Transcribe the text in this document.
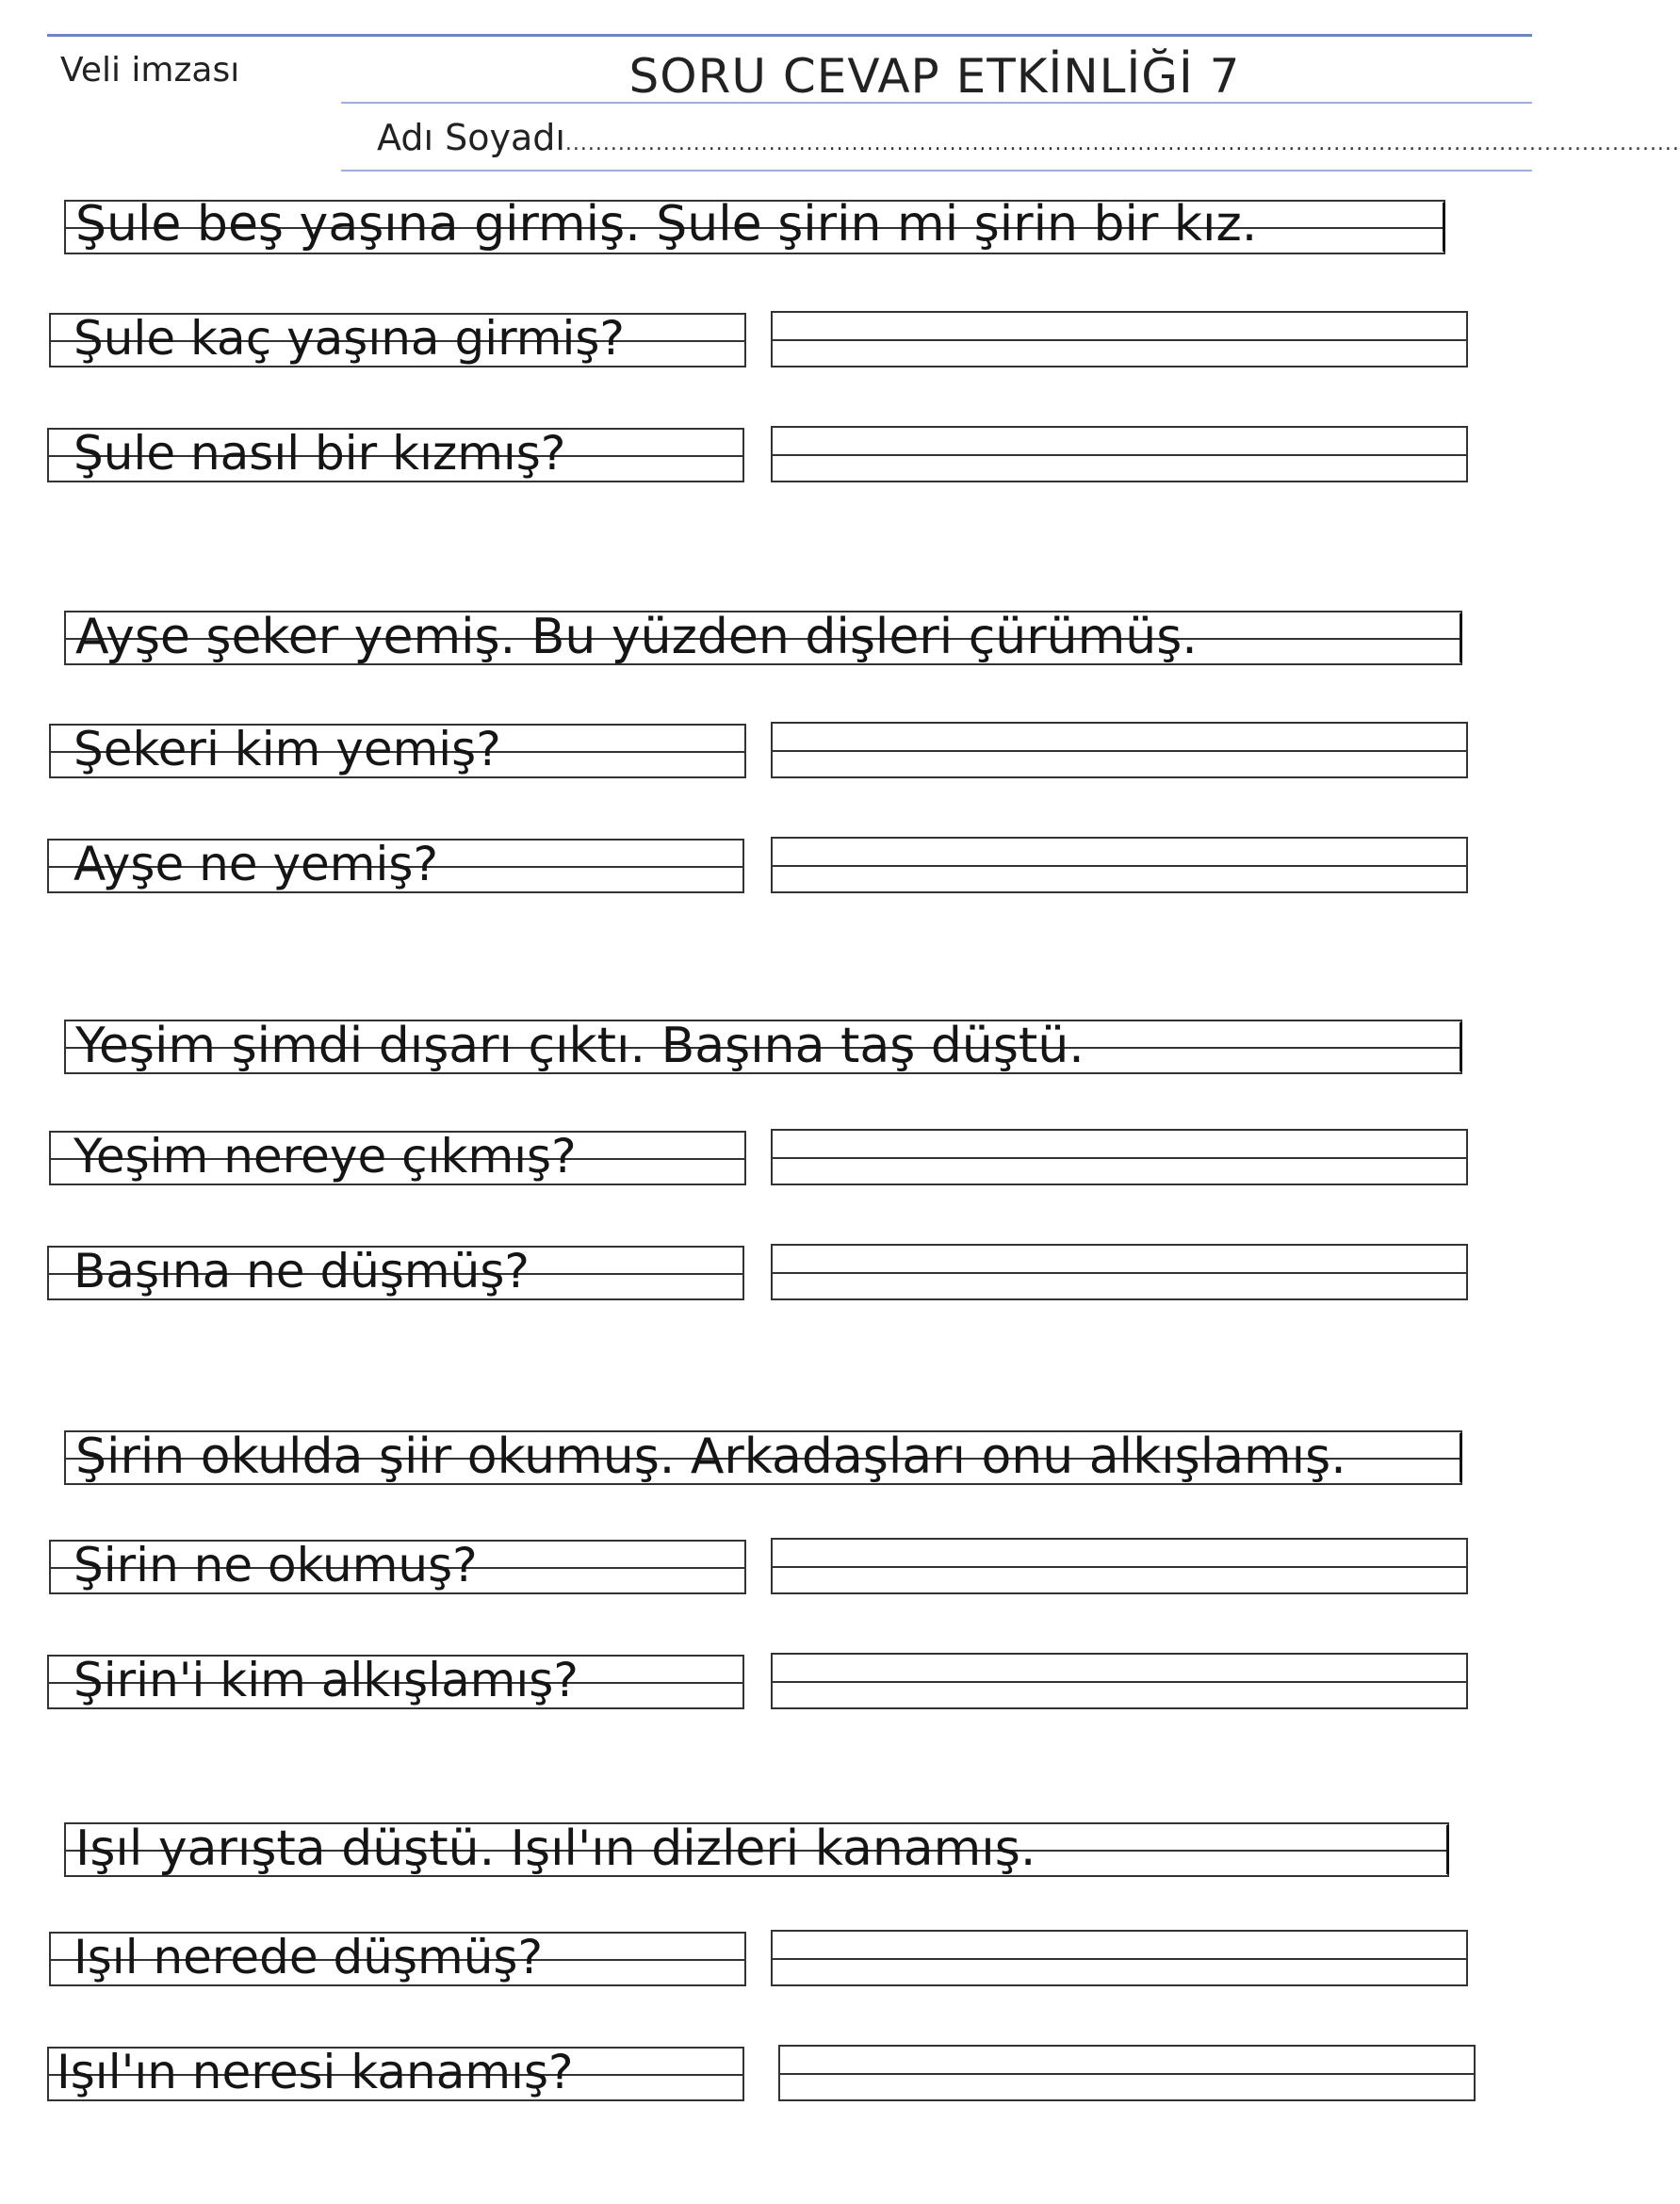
Veli imzası	SORU CEVAP ETKİNLİĞİ 7
Adı Soyadı....................................................................................................................................................
Şule beş yaşına girmiş. Şule şirin mi şirin bir kız.
Şule kaç yaşına girmiş?
Şule nasıl bir kızmış?
Ayşe şeker yemiş. Bu yüzden dişleri çürümüş.
Şekeri kim yemiş?
Ayşe ne yemiş?
Yeşim şimdi dışarı çıktı. Başına taş düştü.
Yeşim nereye çıkmış?
Başına ne düşmüş?
Şirin okulda şiir okumuş. Arkadaşları onu alkışlamış.
Şirin ne okumuş?
Şirin'i kim alkışlamış?
Işıl yarışta düştü. Işıl'ın dizleri kanamış.
Işıl nerede düşmüş?
Işıl'ın neresi kanamış?
